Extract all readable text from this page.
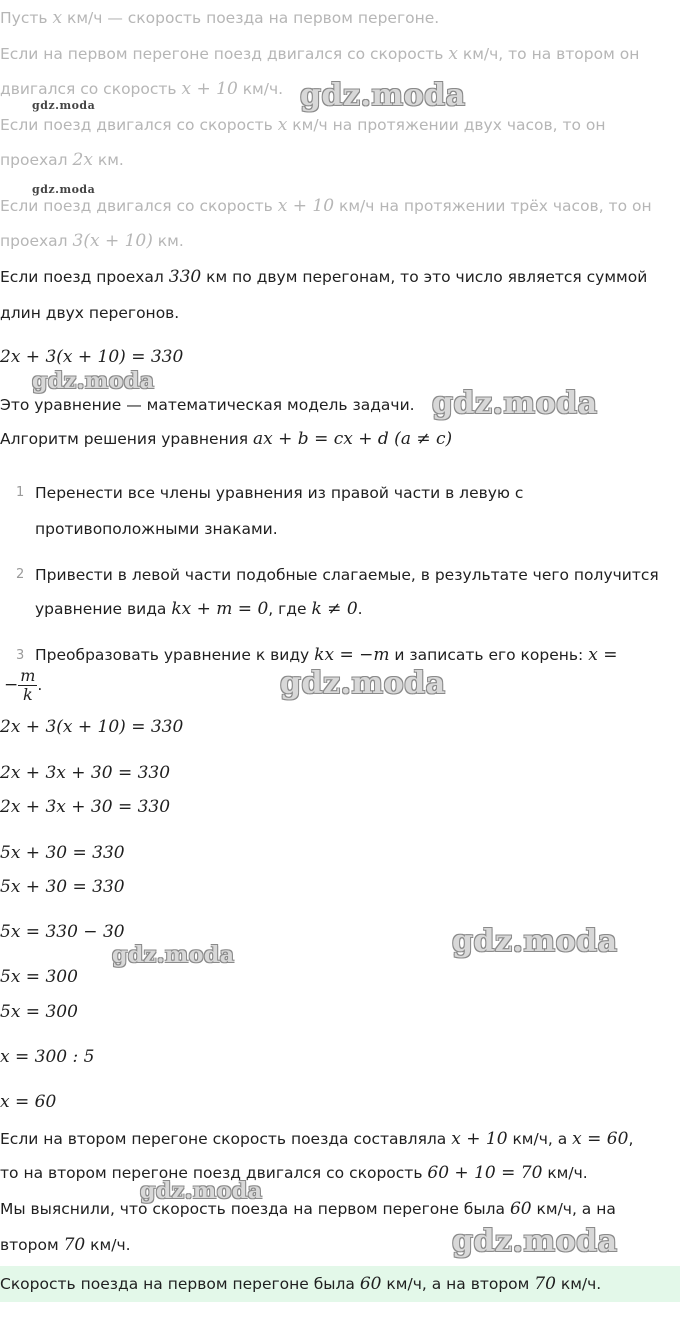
Пусть x км/ч — скорость поезда на первом перегоне.
Если на первом перегоне поезд двигался со скорость x км/ч, то на втором он
двигался со скорость x + 10 км/ч.
Если поезд двигался со скорость x км/ч на протяжении двух часов, то он
проехал 2x км.
Если поезд двигался со скорость x + 10 км/ч на протяжении трёх часов, то он
проехал 3(x + 10) км.
Если поезд проехал 330 км по двум перегонам, то это число является суммой
длин двух перегонов.
2x + 3(x + 10) = 330
Это уравнение — математическая модель задачи.
Алгоритм решения уравнения ax + b = cx + d (a ≠ c)
1 Перенести все члены уравнения из правой части в левую с
противоположными знаками.
2 Привести в левой части подобные слагаемые, в результате чего получится
уравнение вида kx + m = 0, где k ≠ 0.
3 Преобразовать уравнение к виду kx = −m и записать его корень: x =
− $\frac{m}{k}$ .
2x + 3(x + 10) = 330
2x + 3x + 30 = 330
2x + 3x + 30 = 330
5x + 30 = 330
5x + 30 = 330
5x = 330 − 30
5x = 300
5x = 300
x = 300 : 5
x = 60
Если на втором перегоне скорость поезда составляла x + 10 км/ч, а x = 60,
то на втором перегоне поезд двигался со скорость 60 + 10 = 70 км/ч.
Мы выяснили, что скорость поезда на первом перегоне была 60 км/ч, а на
втором 70 км/ч.
Скорость поезда на первом перегоне была 60 км/ч, а на втором 70 км/ч.
gdz.moda
gdz.moda
gdz.moda
gdz.moda
gdz.moda
gdz.moda
gdz.moda
gdz.moda
gdz.moda
gdz.moda
